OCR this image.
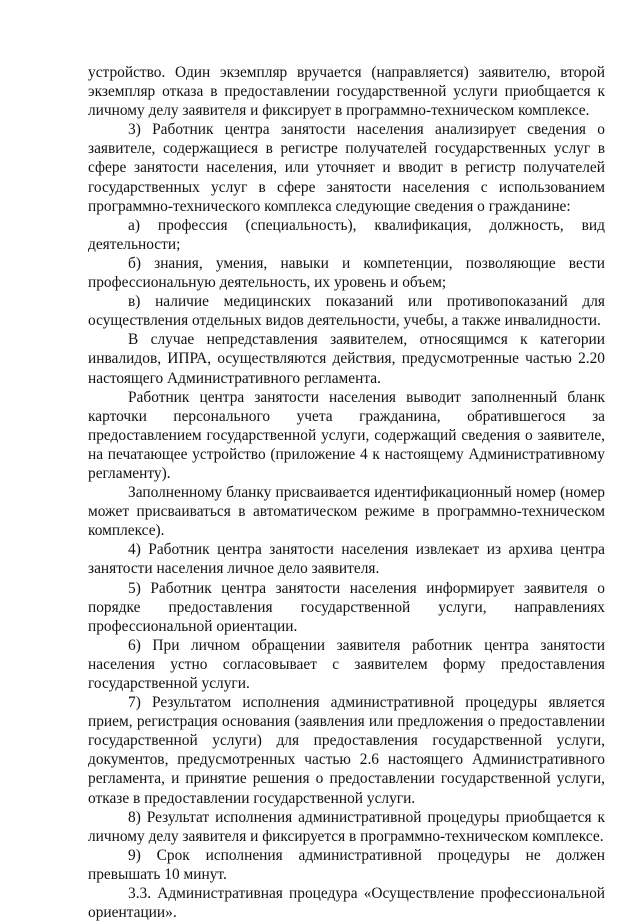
устройство. Один экземпляр вручается (направляется) заявителю, второй экземпляр отказа в предоставлении государственной услуги приобщается к личному делу заявителя и фиксирует в программно-техническом комплексе.

3) Работник центра занятости населения анализирует сведения о заявителе, содержащиеся в регистре получателей государственных услуг в сфере занятости населения, или уточняет и вводит в регистр получателей государственных услуг в сфере занятости населения с использованием программно-технического комплекса следующие сведения о гражданине:

а) профессия (специальность), квалификация, должность, вид деятельности;

б) знания, умения, навыки и компетенции, позволяющие вести профессиональную деятельность, их уровень и объем;

в) наличие медицинских показаний или противопоказаний для осуществления отдельных видов деятельности, учебы, а также инвалидности.

В случае непредставления заявителем, относящимся к категории инвалидов, ИПРА, осуществляются действия, предусмотренные частью 2.20 настоящего Административного регламента.

Работник центра занятости населения выводит заполненный бланк карточки персонального учета гражданина, обратившегося за предоставлением государственной услуги, содержащий сведения о заявителе, на печатающее устройство (приложение 4 к настоящему Административному регламенту).

Заполненному бланку присваивается идентификационный номер (номер может присваиваться в автоматическом режиме в программно-техническом комплексе).

4) Работник центра занятости населения извлекает из архива центра занятости населения личное дело заявителя.

5) Работник центра занятости населения информирует заявителя о порядке предоставления государственной услуги, направлениях профессиональной ориентации.

6) При личном обращении заявителя работник центра занятости населения устно согласовывает с заявителем форму предоставления государственной услуги.

7) Результатом исполнения административной процедуры является прием, регистрация основания (заявления или предложения о предоставлении государственной услуги) для предоставления государственной услуги, документов, предусмотренных частью 2.6 настоящего Административного регламента, и принятие решения о предоставлении государственной услуги, отказе в предоставлении государственной услуги.

8) Результат исполнения административной процедуры приобщается к личному делу заявителя и фиксируется в программно-техническом комплексе.

9) Срок исполнения административной процедуры не должен превышать 10 минут.

3.3. Административная процедура «Осуществление профессиональной ориентации».
